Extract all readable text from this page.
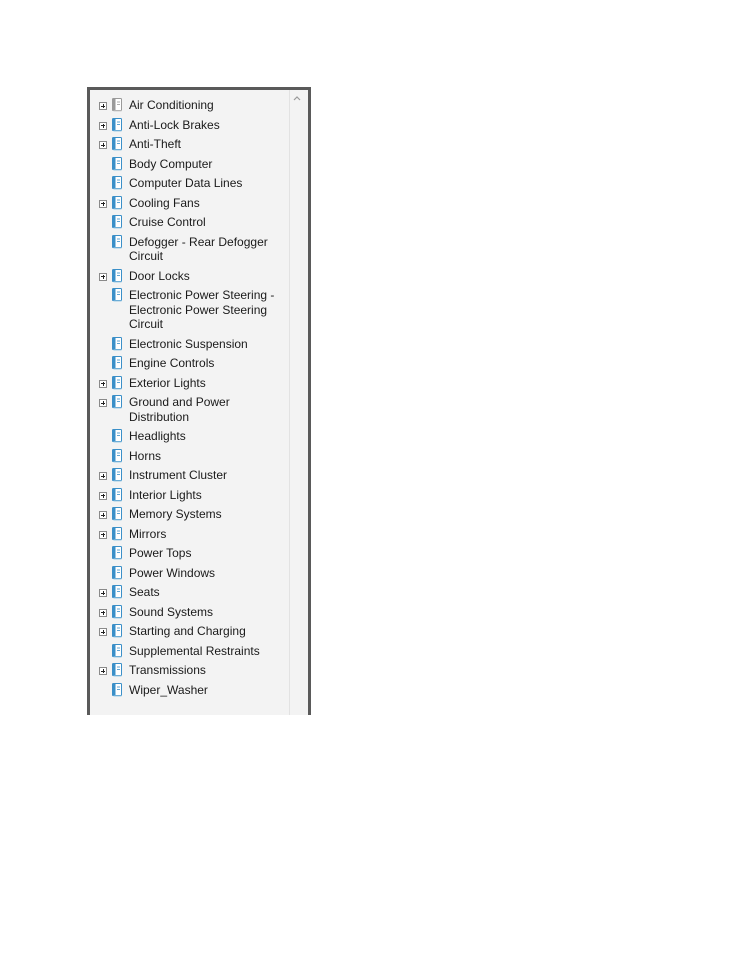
Air Conditioning
Anti-Lock Brakes
Anti-Theft
Body Computer
Computer Data Lines
Cooling Fans
Cruise Control
Defogger - Rear Defogger Circuit
Door Locks
Electronic Power Steering - Electronic Power Steering Circuit
Electronic Suspension
Engine Controls
Exterior Lights
Ground and Power Distribution
Headlights
Horns
Instrument Cluster
Interior Lights
Memory Systems
Mirrors
Power Tops
Power Windows
Seats
Sound Systems
Starting and Charging
Supplemental Restraints
Transmissions
Wiper_Washer
